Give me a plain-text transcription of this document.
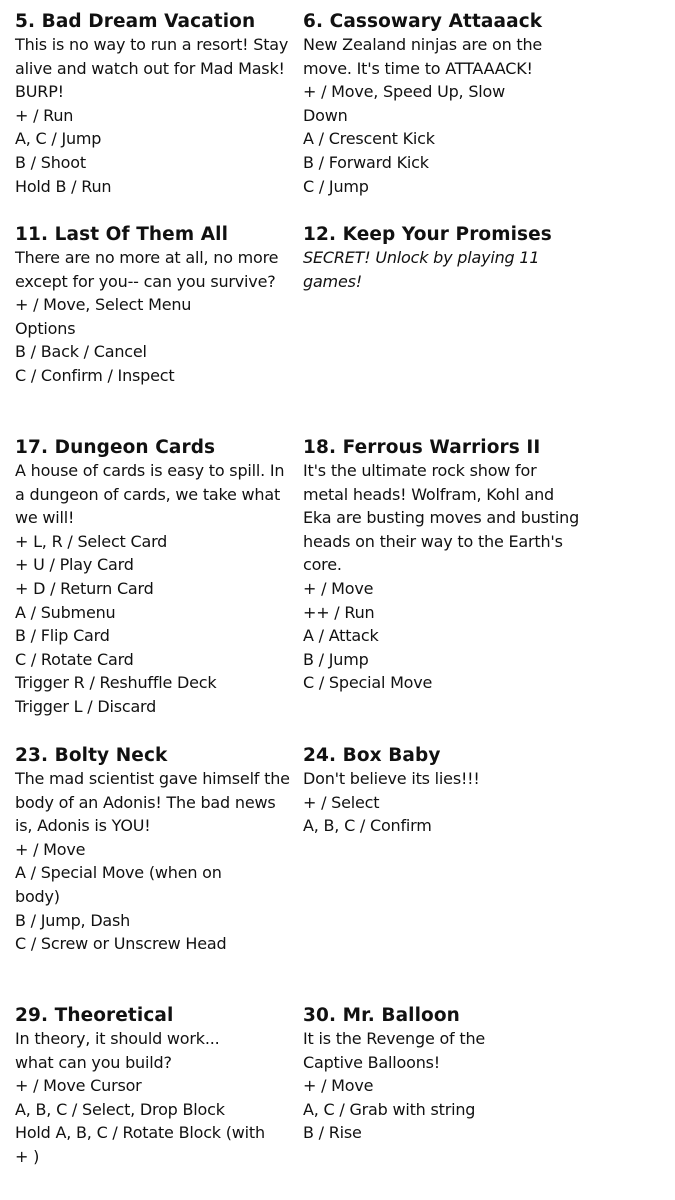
5. Bad Dream Vacation

This is no way to run a resort! Stay alive and watch out for Mad Mask! BURP!

+ / Run
A, C / Jump
B / Shoot
Hold B / Run
6. Cassowary Attaaack

New Zealand ninjas are on the move. It's time to ATTAAACK!

+ / Move, Speed Up, Slow Down
A / Crescent Kick
B / Forward Kick
C / Jump
11. Last Of Them All

There are no more at all, no more except for you-- can you survive?

+ / Move, Select Menu Options
B / Back / Cancel
C / Confirm / Inspect
12. Keep Your Promises

SECRET! Unlock by playing 11 games!

17. Dungeon Cards

A house of cards is easy to spill. In a dungeon of cards, we take what we will!

+ L, R / Select Card
+ U / Play Card
+ D / Return Card
A / Submenu
B / Flip Card
C / Rotate Card
Trigger R / Reshuffle Deck
Trigger L / Discard
18. Ferrous Warriors II

It's the ultimate rock show for metal heads! Wolfram, Kohl and Eka are busting moves and busting heads on their way to the Earth's core.

+ / Move
++ / Run
A / Attack
B / Jump
C / Special Move
23. Bolty Neck

The mad scientist gave himself the body of an Adonis! The bad news is, Adonis is YOU!

+ / Move
A / Special Move (when on body)
B / Jump, Dash
C / Screw or Unscrew Head
24. Box Baby

Don't believe its lies!!!

+ / Select
A, B, C / Confirm
29. Theoretical

In theory, it should work... what can you build?

+ / Move Cursor
A, B, C / Select, Drop Block
Hold A, B, C / Rotate Block (with + )
30. Mr. Balloon

It is the Revenge of the Captive Balloons!

+ / Move
A, C / Grab with string
B / Rise
